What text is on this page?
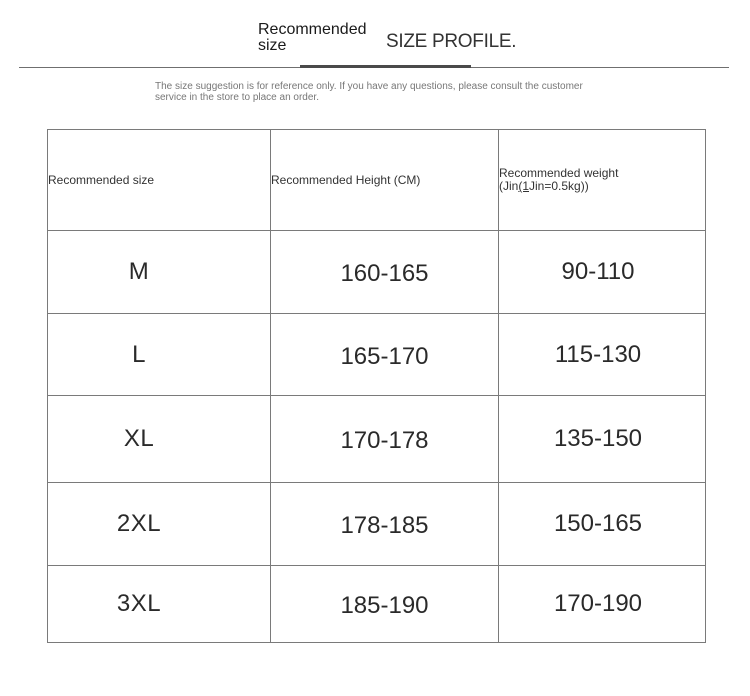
Recommended size	SIZE PROFILE.
The size suggestion is for reference only. If you have any questions, please consult the customer service in the store to place an order.
Recommended size	Recommended Height (CM)	Recommended weight
(Jin(1Jin=0.5kg))
M	160-165	90-110
L	165-170	115-130
XL	170-178	135-150
2XL	178-185	150-165
3XL	185-190	170-190
